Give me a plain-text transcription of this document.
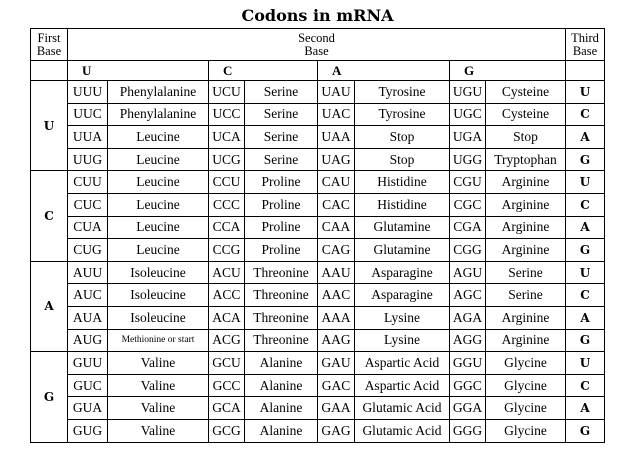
Codons in mRNA
First
Base	Second
Base								Third
Base
	U		C		A		G		
U	UUU	Phenylalanine	UCU	Serine	UAU	Tyrosine	UGU	Cysteine	U
	UUC	Phenylalanine	UCC	Serine	UAC	Tyrosine	UGC	Cysteine	C
	UUA	Leucine	UCA	Serine	UAA	Stop	UGA	Stop	A
	UUG	Leucine	UCG	Serine	UAG	Stop	UGG	Tryptophan	G
C	CUU	Leucine	CCU	Proline	CAU	Histidine	CGU	Arginine	U
	CUC	Leucine	CCC	Proline	CAC	Histidine	CGC	Arginine	C
	CUA	Leucine	CCA	Proline	CAA	Glutamine	CGA	Arginine	A
	CUG	Leucine	CCG	Proline	CAG	Glutamine	CGG	Arginine	G
A	AUU	Isoleucine	ACU	Threonine	AAU	Asparagine	AGU	Serine	U
	AUC	Isoleucine	ACC	Threonine	AAC	Asparagine	AGC	Serine	C
	AUA	Isoleucine	ACA	Threonine	AAA	Lysine	AGA	Arginine	A
	AUG	Methionine or start	ACG	Threonine	AAG	Lysine	AGG	Arginine	G
G	GUU	Valine	GCU	Alanine	GAU	Aspartic Acid	GGU	Glycine	U
	GUC	Valine	GCC	Alanine	GAC	Aspartic Acid	GGC	Glycine	C
	GUA	Valine	GCA	Alanine	GAA	Glutamic Acid	GGA	Glycine	A
	GUG	Valine	GCG	Alanine	GAG	Glutamic Acid	GGG	Glycine	G
